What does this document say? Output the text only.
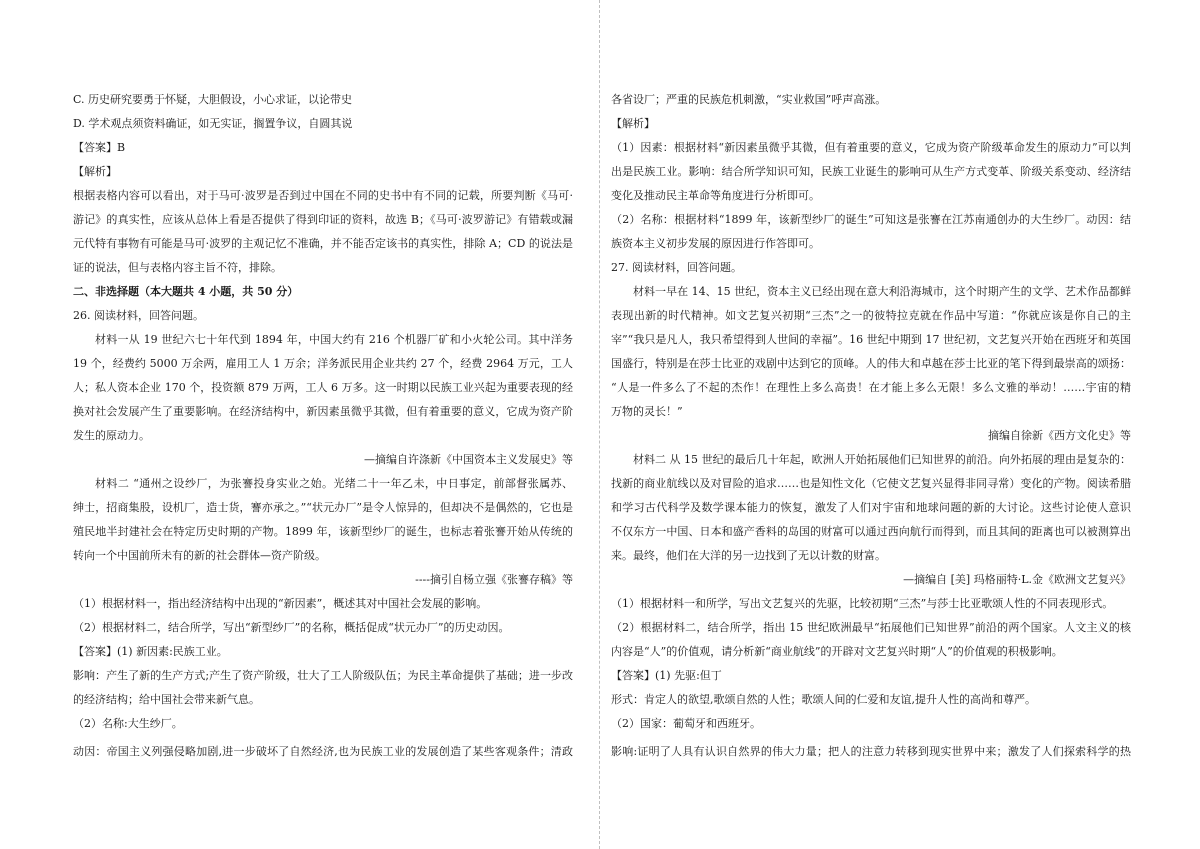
C. 历史研究要勇于怀疑，大胆假设，小心求证，以论带史
D. 学术观点须资料确证，如无实证，搁置争议，自圆其说
【答案】B
【解析】
根据表格内容可以看出，对于马可·波罗是否到过中国在不同的史书中有不同的记载，所要判断《马可·
游记》的真实性，应该从总体上看是否提供了得到印证的资料，故选 B；《马可·波罗游记》有错载或漏
元代特有事物有可能是马可·波罗的主观记忆不准确，并不能否定该书的真实性，排除 A；CD 的说法是
证的说法，但与表格内容主旨不符，排除。
二、非选择题（本大题共 4 小题，共 50 分）
26. 阅读材料，回答问题。
材料一从 19 世纪六七十年代到 1894 年，中国大约有 216 个机器厂矿和小火轮公司。其中洋务
19 个，经费约 5000 万余两，雇用工人 1 万余；洋务派民用企业共约 27 个，经费 2964 万元，工人
人；私人资本企业 170 个，投资额 879 万两，工人 6 万多。这一时期以民族工业兴起为重要表现的经
换对社会发展产生了重要影响。在经济结构中，新因素虽微乎其微，但有着重要的意义，它成为资产阶
发生的原动力。
—摘编自许涤新《中国资本主义发展史》等
材料二 “通州之设纱厂，为张謇投身实业之始。光绪二十一年乙未，中日事定，前部督张属苏、
绅士，招商集股，设机厂，造士货，謇亦承之。”“状元办厂”是令人惊异的，但却决不是偶然的，它也是
殖民地半封建社会在特定历史时期的产物。1899 年，该新型纱厂的诞生，也标志着张謇开始从传统的
转向一个中国前所未有的新的社会群体—资产阶级。
----摘引自杨立强《张謇存稿》等
（1）根据材料一，指出经济结构中出现的“新因素”，概述其对中国社会发展的影响。
（2）根据材料二，结合所学，写出“新型纱厂”的名称，概括促成“状元办厂”的历史动因。
【答案】(1) 新因素:民族工业。
影响：产生了新的生产方式;产生了资产阶级，壮大了工人阶级队伍；为民主革命提供了基础；进一步改
的经济结构；给中国社会带来新气息。
（2）名称:大生纱厂。
动因：帝国主义列强侵略加剧,进一步破坏了自然经济,也为民族工业的发展创造了某些客观条件；清政
各省设厂；严重的民族危机刺激，“实业救国”呼声高涨。
【解析】
（1）因素：根据材料“新因素虽微乎其微，但有着重要的意义，它成为资产阶级革命发生的原动力”可以判
出是民族工业。影响：结合所学知识可知，民族工业诞生的影响可从生产方式变革、阶级关系变动、经济结
变化及推动民主革命等角度进行分析即可。
（2）名称：根据材料“1899 年，该新型纱厂的诞生”可知这是张謇在江苏南通创办的大生纱厂。动因：结
族资本主义初步发展的原因进行作答即可。
27. 阅读材料，回答问题。
材料一早在 14、15 世纪，资本主义已经出现在意大利沿海城市，这个时期产生的文学、艺术作品都鲜
表现出新的时代精神。如文艺复兴初期“三杰”之一的彼特拉克就在作品中写道：“你就应该是你自己的主
宰”“我只是凡人，我只希望得到人世间的幸福”。16 世纪中期到 17 世纪初，文艺复兴开始在西班牙和英国
国盛行，特别是在莎士比亚的戏剧中达到它的顶峰。人的伟大和卓越在莎士比亚的笔下得到最崇高的颂扬：
“人是一件多么了不起的杰作！在理性上多么高贵！在才能上多么无限！多么文雅的举动！……宇宙的精
万物的灵长！”
摘编自徐新《西方文化史》等
材料二 从 15 世纪的最后几十年起，欧洲人开始拓展他们已知世界的前沿。向外拓展的理由是复杂的：
找新的商业航线以及对冒险的追求……也是知性文化（它使文艺复兴显得非同寻常）变化的产物。阅读希腊
和学习古代科学及数学课本能力的恢复，激发了人们对宇宙和地球问题的新的大讨论。这些讨论使人意识
不仅东方一中国、日本和盛产香料的岛国的财富可以通过西向航行而得到，而且其间的距离也可以被测算出
来。最终，他们在大洋的另一边找到了无以计数的财富。
—摘编自 [美] 玛格丽特·L.金《欧洲文艺复兴》
（1）根据材料一和所学，写出文艺复兴的先驱，比较初期“三杰”与莎士比亚歌颂人性的不同表现形式。
（2）根据材料二，结合所学，指出 15 世纪欧洲最早“拓展他们已知世界”前沿的两个国家。人文主义的核
内容是“人”的价值观，请分析新“商业航线”的开辟对文艺复兴时期“人”的价值观的积极影响。
【答案】(1) 先驱:但丁
形式：肯定人的欲望,歌颂自然的人性；歌颂人间的仁爱和友谊,提升人性的高尚和尊严。
（2）国家：葡萄牙和西班牙。
影响:证明了人具有认识自然界的伟大力量；把人的注意力转移到现实世界中来；激发了人们探索科学的热
